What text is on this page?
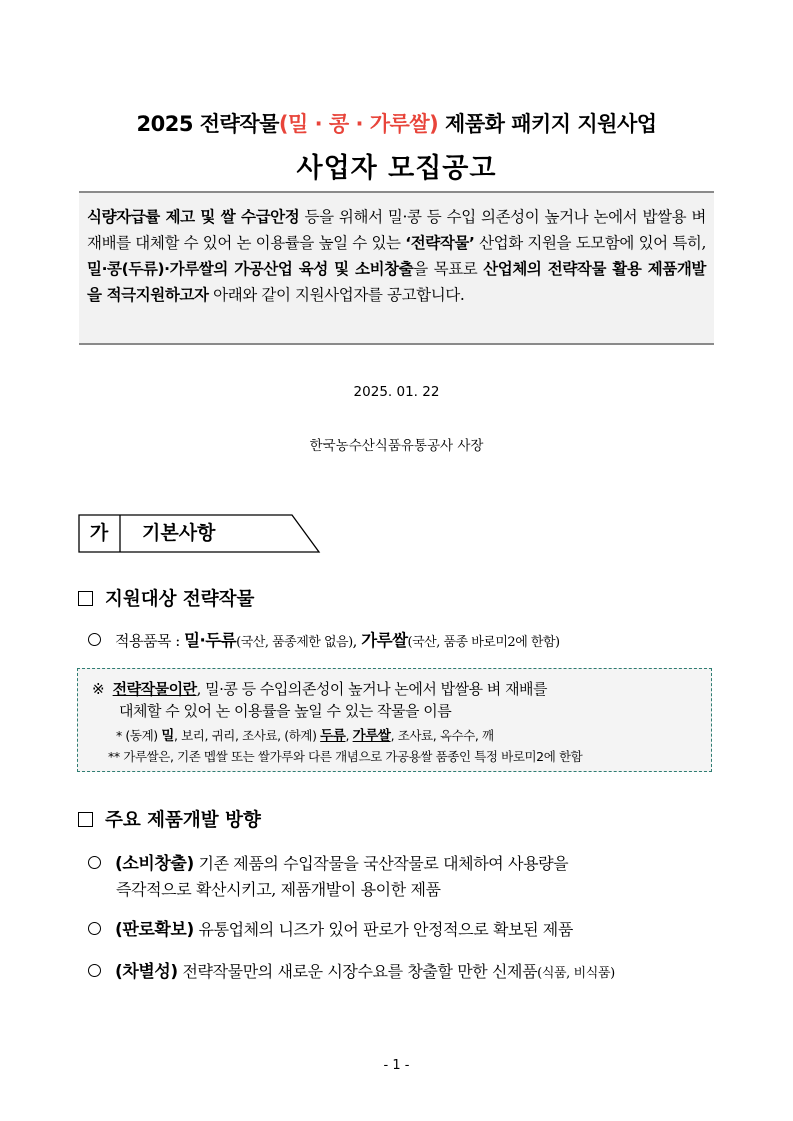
2025 전략작물(밀 · 콩 · 가루쌀) 제품화 패키지 지원사업
사업자 모집공고

식량자급률 제고 및 쌀 수급안정 등을 위해서 밀·콩 등 수입 의존성이 높거나 논에서 밥쌀용 벼 재배를 대체할 수 있어 논 이용률을 높일 수 있는 ‘전략작물’ 산업화 지원을 도모함에 있어 특히, 밀·콩(두류)·가루쌀의 가공산업 육성 및 소비창출을 목표로 산업체의 전략작물 활용 제품개발을 적극지원하고자 아래와 같이 지원사업자를 공고합니다.

2025. 01. 22
한국농수산식품유통공사 사장
가	기본사항
지원대상 전략작물
적용품목 : 밀·두류(국산, 품종제한 없음), 가루쌀(국산, 품종 바로미2에 한함)
※ 전략작물이란, 밀·콩 등 수입의존성이 높거나 논에서 밥쌀용 벼 재배를
대체할 수 있어 논 이용률을 높일 수 있는 작물을 이름
* (동계) 밀, 보리, 귀리, 조사료, (하계) 두류, 가루쌀, 조사료, 옥수수, 깨
** 가루쌀은, 기존 멥쌀 또는 쌀가루와 다른 개념으로 가공용쌀 품종인 특정 바로미2에 한함
주요 제품개발 방향
(소비창출) 기존 제품의 수입작물을 국산작물로 대체하여 사용량을
즉각적으로 확산시키고, 제품개발이 용이한 제품
(판로확보) 유통업체의 니즈가 있어 판로가 안정적으로 확보된 제품
(차별성) 전략작물만의 새로운 시장수요를 창출할 만한 신제품(식품, 비식품)
- 1 -
